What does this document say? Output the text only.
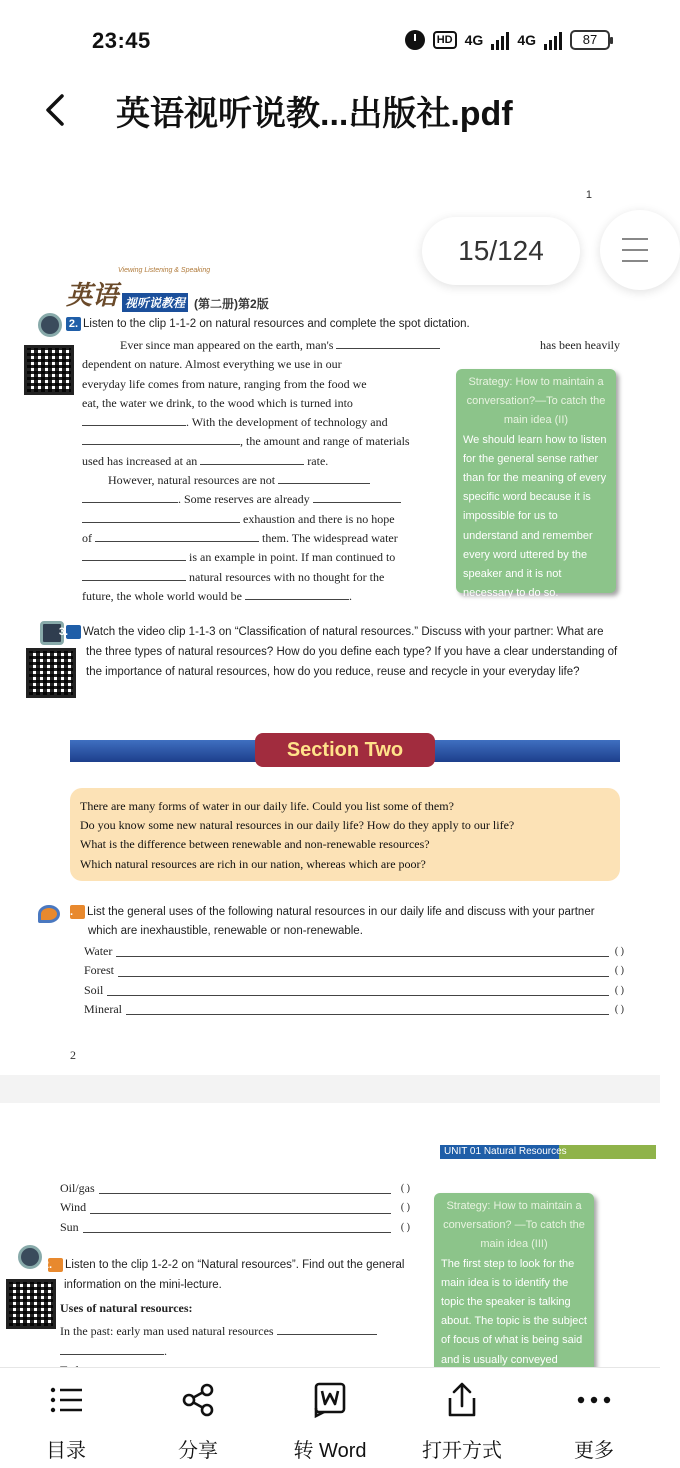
23:45	HD 4G 4G	87
英语视听说教...出版社.pdf
1
Viewing Listening & Speaking
英语 视听说教程 (第二册)第2版
2. Listen to the clip 1-1-2 on natural resources and complete the spot dictation.
Ever since man appeared on the earth, man's	has been heavily
dependent on nature. Almost everything we use in our
everyday life comes from nature, ranging from the food we
eat, the water we drink, to the wood which is turned into
. With the development of technology and
, the amount and range of materials
used has increased at an	rate.
However, natural resources are not
. Some reserves are already
exhaustion and there is no hope
of	them. The widespread water
is an example in point. If man continued to
natural resources with no thought for the
future, the whole world would be	.
Strategy: How to maintain a conversation?—To catch the main idea (II)
We should learn how to listen for the general sense rather than for the meaning of every specific word because it is impossible for us to understand and remember every word uttered by the speaker and it is not necessary to do so.
3. Watch the video clip 1-1-3 on “Classification of natural resources.” Discuss with your partner: What are the three types of natural resources? How do you define each type? If you have a clear understanding of the importance of natural resources, how do you reduce, reuse and recycle in your everyday life?
Section Two
There are many forms of water in our daily life. Could you list some of them?
Do you know some new natural resources in our daily life? How do they apply to our life?
What is the difference between renewable and non-renewable resources?
Which natural resources are rich in our nation, whereas which are poor?
1. List the general uses of the following natural resources in our daily life and discuss with your partner which are inexhaustible, renewable or non-renewable.
Water	( )
Forest	( )
Soil	( )
Mineral	( )
2
UNIT 01 Natural Resources
Oil/gas	( )
Wind	( )
Sun	( )
2. Listen to the clip 1-2-2 on “Natural resources”. Find out the general information on the mini-lecture.
Uses of natural resources:
In the past: early man used natural resources
.
Strategy: How to maintain a conversation? —To catch the main idea (III)
The first step to look for the main idea is to identify the topic the speaker is talking about. The topic is the subject of focus of what is being said and is usually conveyed
15/124
目录	分享	转 Word	打开方式	更多
